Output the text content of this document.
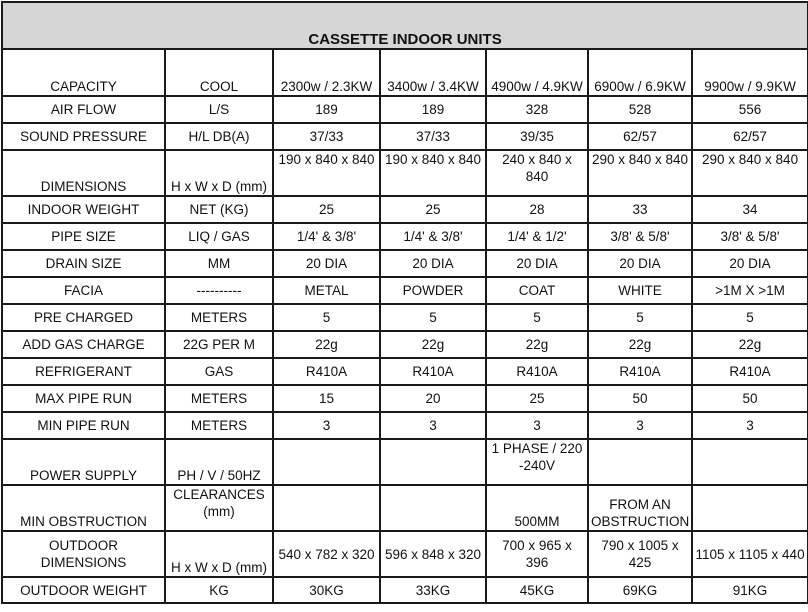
CASSETTE INDOOR UNITS						
CAPACITY	COOL	2300w / 2.3KW	3400w / 3.4KW	4900w / 4.9KW	6900w / 6.9KW	9900w / 9.9KW
AIR FLOW	L/S	189	189	328	528	556
SOUND PRESSURE	H/L DB(A)	37/33	37/33	39/35	62/57	62/57
DIMENSIONS	H x W x D (mm)	190 x 840 x 840	190 x 840 x 840	240 x 840 x 840	290 x 840 x 840	290 x 840 x 840
INDOOR WEIGHT	NET (KG)	25	25	28	33	34
PIPE SIZE	LIQ / GAS	1/4' & 3/8'	1/4' & 3/8'	1/4' & 1/2'	3/8' & 5/8'	3/8' & 5/8'
DRAIN SIZE	MM	20 DIA	20 DIA	20 DIA	20 DIA	20 DIA
FACIA	----------	METAL	POWDER	COAT	WHITE	>1M X >1M
PRE CHARGED	METERS	5	5	5	5	5
ADD GAS CHARGE	22G PER M	22g	22g	22g	22g	22g
REFRIGERANT	GAS	R410A	R410A	R410A	R410A	R410A
MAX PIPE RUN	METERS	15	20	25	50	50
MIN PIPE RUN	METERS	3	3	3	3	3
POWER SUPPLY	PH / V / 50HZ			1 PHASE / 220 -240V		
MIN OBSTRUCTION	CLEARANCES (mm)			500MM	FROM AN OBSTRUCTION	
OUTDOOR DIMENSIONS	H x W x D (mm)	540 x 782 x 320	596 x 848 x 320	700 x 965 x 396	790 x 1005 x 425	1105 x 1105 x 440
OUTDOOR WEIGHT	KG	30KG	33KG	45KG	69KG	91KG
